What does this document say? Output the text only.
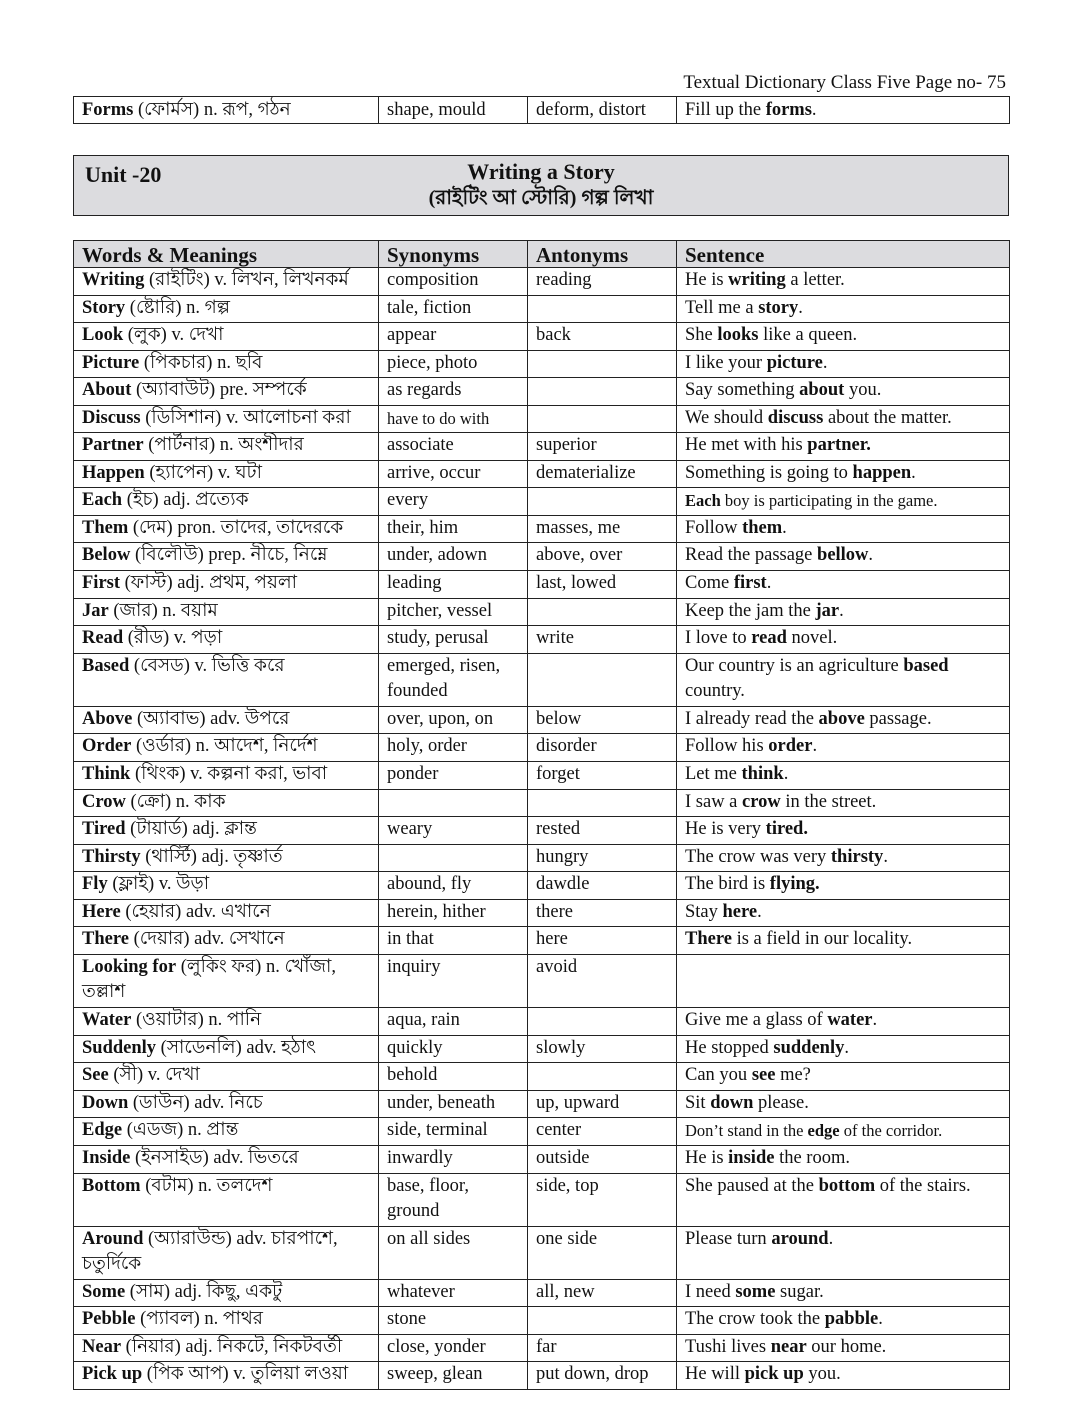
Textual Dictionary Class Five Page no- 75
Forms (ফোর্মস) n. রূপ, গঠন	shape, mould	deform, distort	Fill up the forms.
Unit -20	Writing a Story
(রাইটিং আ স্টোরি) গল্প লিখা
Words & Meanings	Synonyms	Antonyms	Sentence
Writing (রাইটিং) v. লিখন, লিখনকর্ম	composition	reading	He is writing a letter.
Story (ষ্টোরি) n. গল্প	tale, fiction		Tell me a story.
Look (লুক) v. দেখা	appear	back	She looks like a queen.
Picture (পিকচার) n. ছবি	piece, photo		I like your picture.
About (অ্যাবাউট) pre. সম্পর্কে	as regards		Say something about you.
Discuss (ডিসিশান) v. আলোচনা করা	have to do with		We should discuss about the matter.
Partner (পার্টনার) n. অংশীদার	associate	superior	He met with his partner.
Happen (হ্যাপেন) v. ঘটা	arrive, occur	dematerialize	Something is going to happen.
Each (ইচ) adj. প্রত্যেক	every		Each boy is participating in the game.
Them (দেম) pron. তাদের, তাদেরকে	their, him	masses, me	Follow them.
Below (বিলৌউ) prep. নীচে, নিম্নে	under, adown	above, over	Read the passage bellow.
First (ফাস্ট) adj. প্রথম, পয়লা	leading	last, lowed	Come first.
Jar (জার) n. বয়াম	pitcher, vessel		Keep the jam the jar.
Read (রীড) v. পড়া	study, perusal	write	I love to read novel.
Based (বেসড) v. ভিত্তি করে	emerged, risen, founded		Our country is an agriculture based country.
Above (অ্যাবাভ) adv. উপরে	over, upon, on	below	I already read the above passage.
Order (ওর্ডার) n. আদেশ, নির্দেশ	holy, order	disorder	Follow his order.
Think (থিংক) v. কল্পনা করা, ভাবা	ponder	forget	Let me think.
Crow (ক্রো) n. কাক			I saw a crow in the street.
Tired (টায়ার্ড) adj. ক্লান্ত	weary	rested	He is very tired.
Thirsty (থার্স্টি) adj. তৃষ্ণার্ত		hungry	The crow was very thirsty.
Fly (ফ্লাই) v. উড়া	abound, fly	dawdle	The bird is flying.
Here (হেয়ার) adv. এখানে	herein, hither	there	Stay here.
There (দেয়ার) adv. সেখানে	in that	here	There is a field in our locality.
Looking for (লুকিং ফর) n. খোঁজা, তল্লাশ	inquiry	avoid	
Water (ওয়াটার) n. পানি	aqua, rain		Give me a glass of water.
Suddenly (সাডেনলি) adv. হঠাৎ	quickly	slowly	He stopped suddenly.
See (সী) v. দেখা	behold		Can you see me?
Down (ডাউন) adv. নিচে	under, beneath	up, upward	Sit down please.
Edge (এডজ) n. প্রান্ত	side, terminal	center	Don’t stand in the edge of the corridor.
Inside (ইনসাইড) adv. ভিতরে	inwardly	outside	He is inside the room.
Bottom (বটাম) n. তলদেশ	base, floor, ground	side, top	She paused at the bottom of the stairs.
Around (অ্যারাউন্ড) adv. চারপাশে, চতুর্দিকে	on all sides	one side	Please turn around.
Some (সাম) adj. কিছু, একটু	whatever	all, new	I need some sugar.
Pebble (প্যাবল) n. পাথর	stone		The crow took the pabble.
Near (নিয়ার) adj. নিকটে, নিকটবর্তী	close, yonder	far	Tushi lives near our home.
Pick up (পিক আপ) v. তুলিয়া লওয়া	sweep, glean	put down, drop	He will pick up you.
